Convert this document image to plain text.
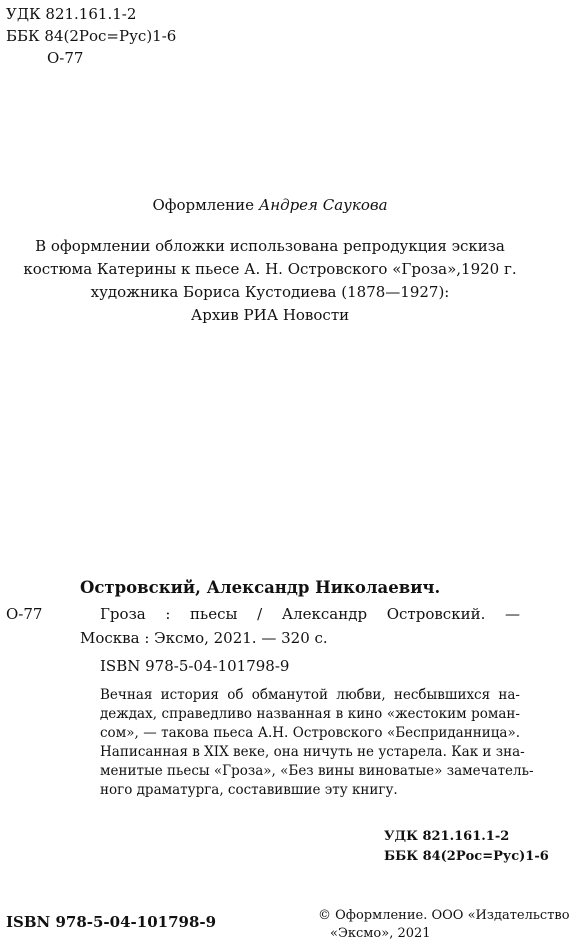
УДК 821.161.1-2
ББК 84(2Рос=Рус)1-6
О-77
Оформление Андрея Саукова
В оформлении обложки использована репродукция эскиза
костюма Катерины к пьесе А. Н. Островского «Гроза»,1920 г.
художника Бориса Кустодиева (1878—1927):
Архив РИА Новости
Островский, Александр Николаевич.
О-77	Гроза : пьесы / Александр Островский. —
Москва : Эксмо, 2021. — 320 с.
ISBN 978-5-04-101798-9
Вечная история об обманутой любви, несбывшихся на-
деждах, справедливо названная в кино «жестоким роман-
сом», — такова пьеса А.Н. Островского «Бесприданница».
Написанная в XIX веке, она ничуть не устарела. Как и зна-
менитые пьесы «Гроза», «Без вины виноватые» замечатель-
ного драматурга, составившие эту книгу.
УДК 821.161.1-2
ББК 84(2Рос=Рус)1-6
ISBN 978-5-04-101798-9	© Оформление. ООО «Издательство
«Эксмо», 2021
